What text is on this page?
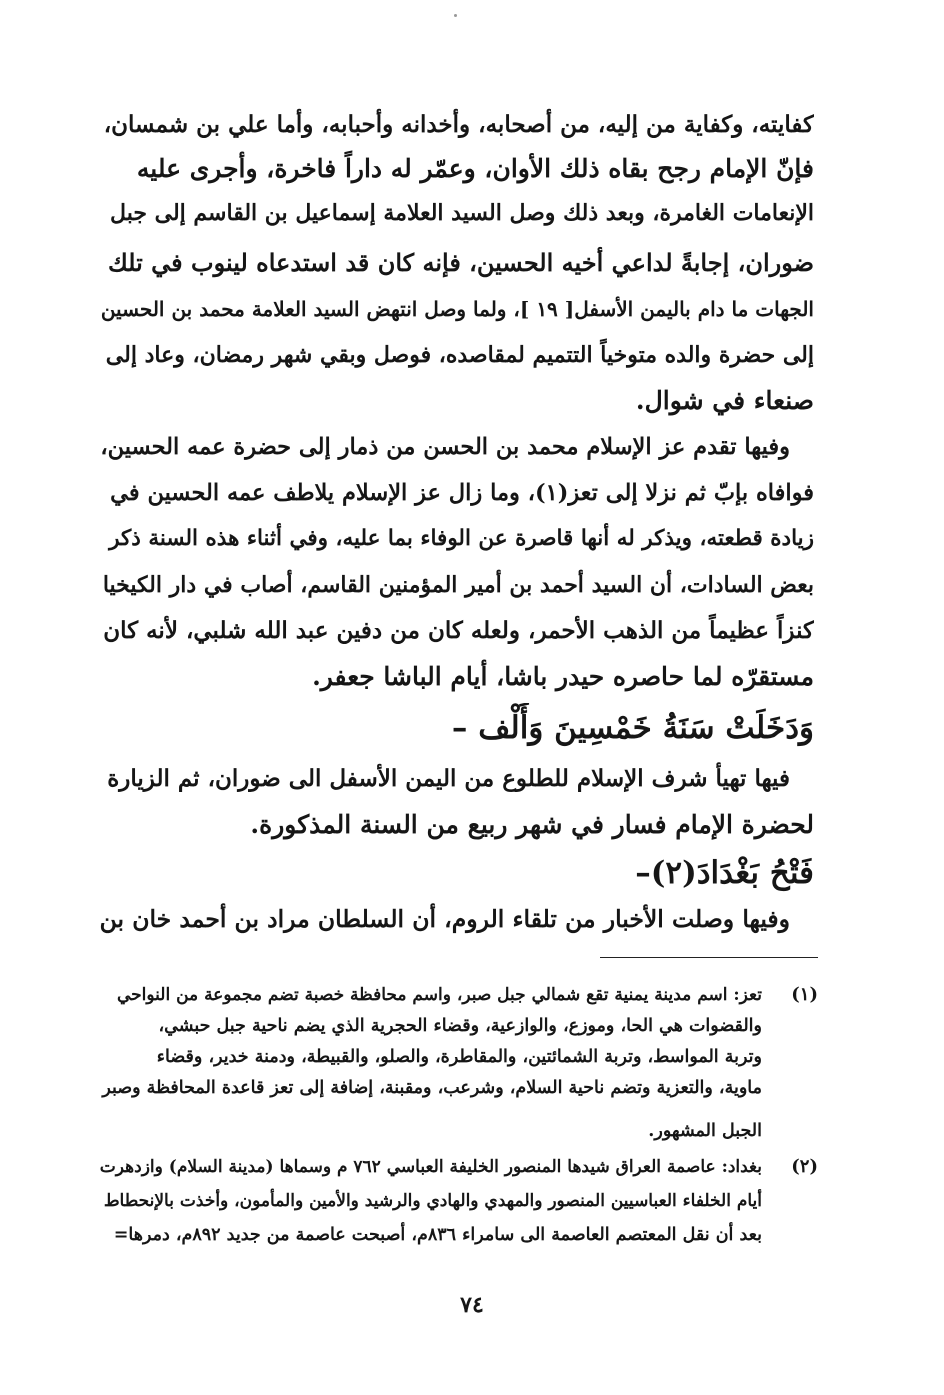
كفايته، وكفاية من إليه، من أصحابه، وأخدانه وأحبابه، وأما علي بن شمسان،
فإنّ الإمام رجح بقاه ذلك الأوان، وعمّر له داراً فاخرة، وأجرى عليه
الإنعامات الغامرة، وبعد ذلك وصل السيد العلامة إسماعيل بن القاسم إلى جبل
ضوران، إجابةً لداعي أخيه الحسين، فإنه كان قد استدعاه لينوب في تلك
الجهات ما دام باليمن الأسفل[ ١٩ ]، ولما وصل انتهض السيد العلامة محمد بن الحسين
إلى حضرة والده متوخياً التتميم لمقاصده، فوصل وبقي شهر رمضان، وعاد إلى
صنعاء في شوال.
وفيها تقدم عز الإسلام محمد بن الحسن من ذمار إلى حضرة عمه الحسين،
فوافاه بإبّ ثم نزلا إلى تعز(١)، وما زال عز الإسلام يلاطف عمه الحسين في
زيادة قطعته، ويذكر له أنها قاصرة عن الوفاء بما عليه، وفي أثناء هذه السنة ذكر
بعض السادات، أن السيد أحمد بن أمير المؤمنين القاسم، أصاب في دار الكيخيا
كنزاً عظيماً من الذهب الأحمر، ولعله كان من دفين عبد الله شلبي، لأنه كان
مستقرّه لما حاصره حيدر باشا، أيام الباشا جعفر.
وَدَخَلَتْ سَنَةُ خَمْسِينَ وَأَلْف –
فيها تهيأ شرف الإسلام للطلوع من اليمن الأسفل الى ضوران، ثم الزيارة
لحضرة الإمام فسار في شهر ربيع من السنة المذكورة.
فَتْحُ بَغْدَادَ(٢)–
وفيها وصلت الأخبار من تلقاء الروم، أن السلطان مراد بن أحمد خان بن
(١)
تعز: اسم مدينة يمنية تقع شمالي جبل صبر، واسم محافظة خصبة تضم مجموعة من النواحي
والقضوات هي الحا، وموزع، والوازعية، وقضاء الحجرية الذي يضم ناحية جبل حبشي،
وتربة المواسط، وتربة الشمائتين، والمقاطرة، والصلو، والقبيطة، ودمنة خدير، وقضاء
ماوية، والتعزية وتضم ناحية السلام، وشرعب، ومقبنة، إضافة إلى تعز قاعدة المحافظة وصبر
الجبل المشهور.
(٢)
بغداد: عاصمة العراق شيدها المنصور الخليفة العباسي ٧٦٢ م وسماها (مدينة السلام) وازدهرت
أيام الخلفاء العباسيين المنصور والمهدي والهادي والرشيد والأمين والمأمون، وأخذت بالإنحطاط
بعد أن نقل المعتصم العاصمة الى سامراء ٨٣٦م، أصبحت عاصمة من جديد ٨٩٢م، دمرها=
٧٤
